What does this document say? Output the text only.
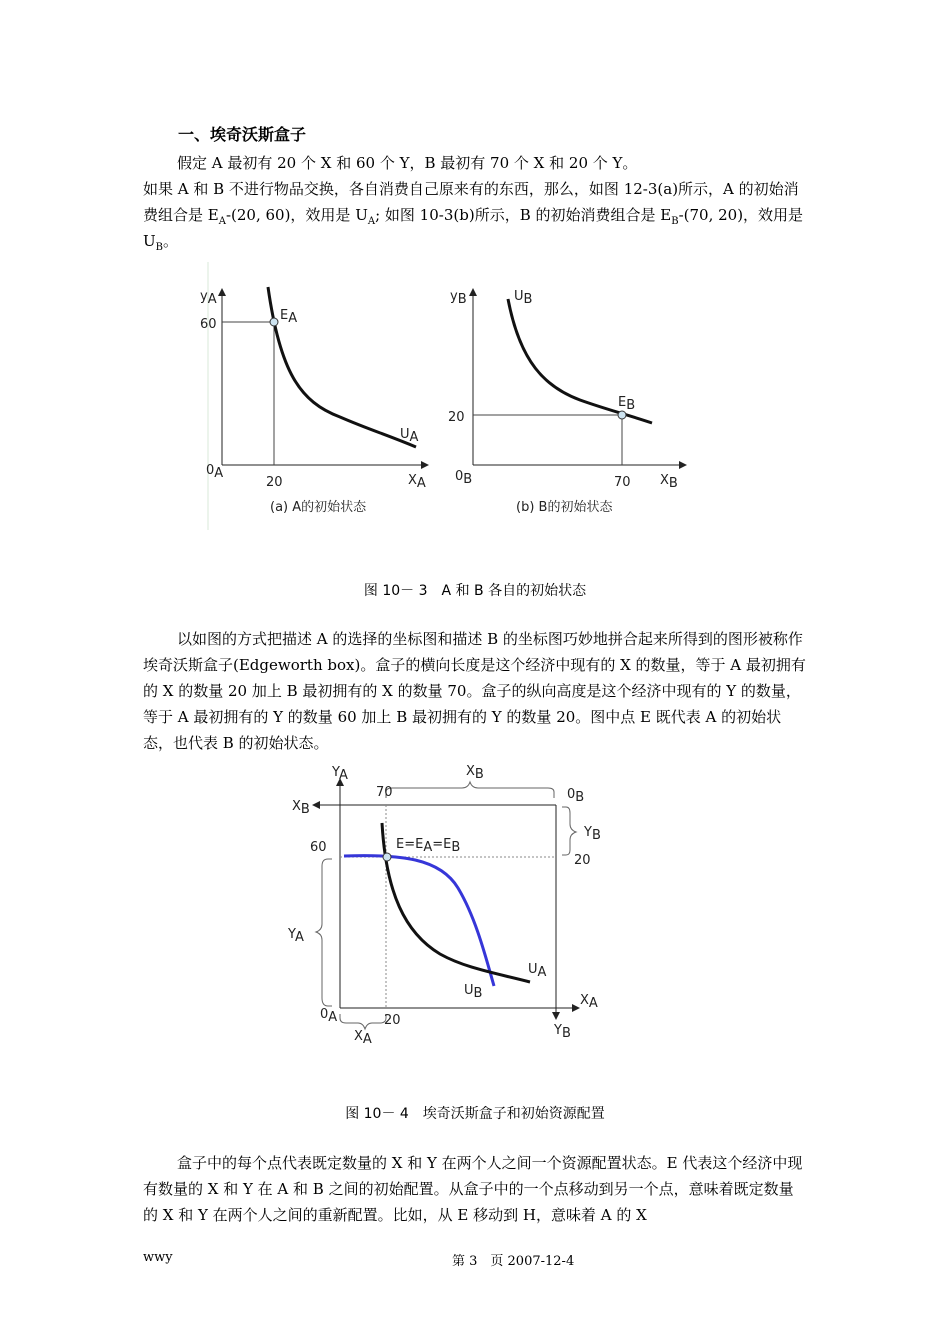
一、埃奇沃斯盒子

假定 A 最初有 20 个 X 和 60 个 Y，B 最初有 70 个 X 和 20 个 Y。

如果 A 和 B 不进行物品交换，各自消费自己原来有的东西，那么，如图 12-3(a)所示，A 的初始消费组合是 $E_A-(20$, 60)，效用是 $U_A$; 如图 10-3(b)所示，B 的初始消费组合是 $E_B-(70$, 20)，效用是 $U_B$。

yA
60
EA
UA
0A
20	XA
(a) A的初始状态
yB	UB
20
EB
0B	70 XB
(b) B的初始状态
图 10－ 3　A 和 B 各自的初始状态

以如图的方式把描述 A 的选择的坐标图和描述 B 的坐标图巧妙地拼合起来所得到的图形被称作埃奇沃斯盒子(Edgeworth box)。盒子的横向长度是这个经济中现有的 X 的数量，等于 A 最初拥有的 X 的数量 20 加上 B 最初拥有的 X 的数量 70。盒子的纵向高度是这个经济中现有的 Y 的数量，等于 A 最初拥有的 Y 的数量 60 加上 B 最初拥有的 Y 的数量 20。图中点 E 既代表 A 的初始状态，也代表 B 的初始状态。

YA	XB
70	0B
XB
YB
60	E=EA=EB
20
YA
UA
UB	XA
0A	20
XA
YB
图 10－ 4　埃奇沃斯盒子和初始资源配置

盒子中的每个点代表既定数量的 X 和 Y 在两个人之间一个资源配置状态。E 代表这个经济中现有数量的 X 和 Y 在 A 和 B 之间的初始配置。从盒子中的一个点移动到另一个点，意味着既定数量的 X 和 Y 在两个人之间的重新配置。比如，从 E 移动到 H，意味着 A 的 X

wwy	第 3　页 2007-12-4
